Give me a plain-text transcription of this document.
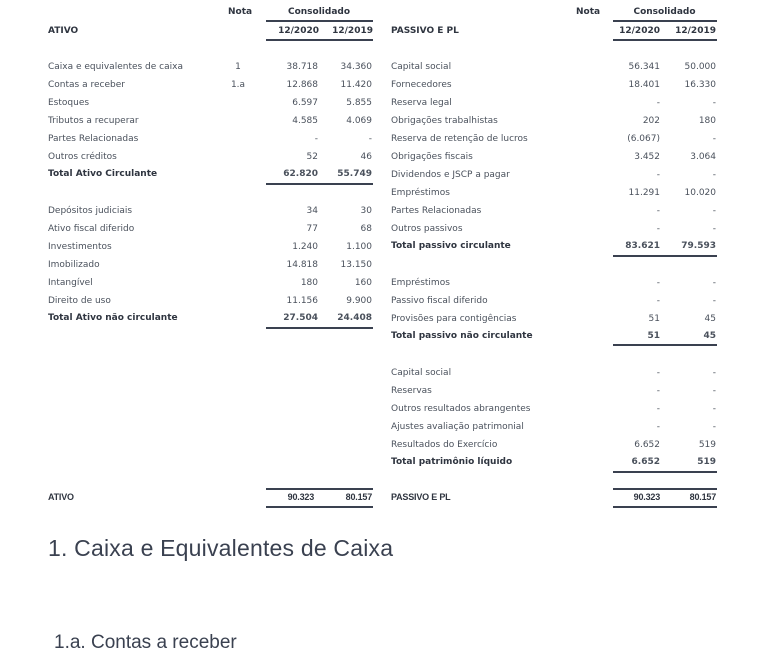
Nota	Consolidado
ATIVO	12/2020	12/2019
Caixa e equivalentes de caixa	1	38.718	34.360
Contas a receber	1.a	12.868	11.420
Estoques	6.597	5.855
Tributos a recuperar	4.585	4.069
Partes Relacionadas	-	-
Outros créditos	52	46
Total Ativo Circulante	62.820	55.749
Depósitos judiciais	34	30
Ativo fiscal diferido	77	68
Investimentos	1.240	1.100
Imobilizado	14.818	13.150
Intangível	180	160
Direito de uso	11.156	9.900
Total Ativo não circulante	27.504	24.408
ATIVO	90.323	80.157
Nota	Consolidado
PASSIVO E PL	12/2020	12/2019
Capital social	56.341	50.000
Fornecedores	18.401	16.330
Reserva legal	-	-
Obrigações trabalhistas	202	180
Reserva de retenção de lucros	(6.067)	-
Obrigações fiscais	3.452	3.064
Dividendos e JSCP a pagar	-	-
Empréstimos	11.291	10.020
Partes Relacionadas	-	-
Outros passivos	-	-
Total passivo circulante	83.621	79.593
Empréstimos	-	-
Passivo fiscal diferido	-	-
Provisões para contigências	51	45
Total passivo não circulante	51	45
Capital social	-	-
Reservas	-	-
Outros resultados abrangentes	-	-
Ajustes avaliação patrimonial	-	-
Resultados do Exercício	6.652	519
Total patrimônio líquido	6.652	519
PASSIVO E PL	90.323	80.157
1. Caixa e Equivalentes de Caixa
1.a. Contas a receber
